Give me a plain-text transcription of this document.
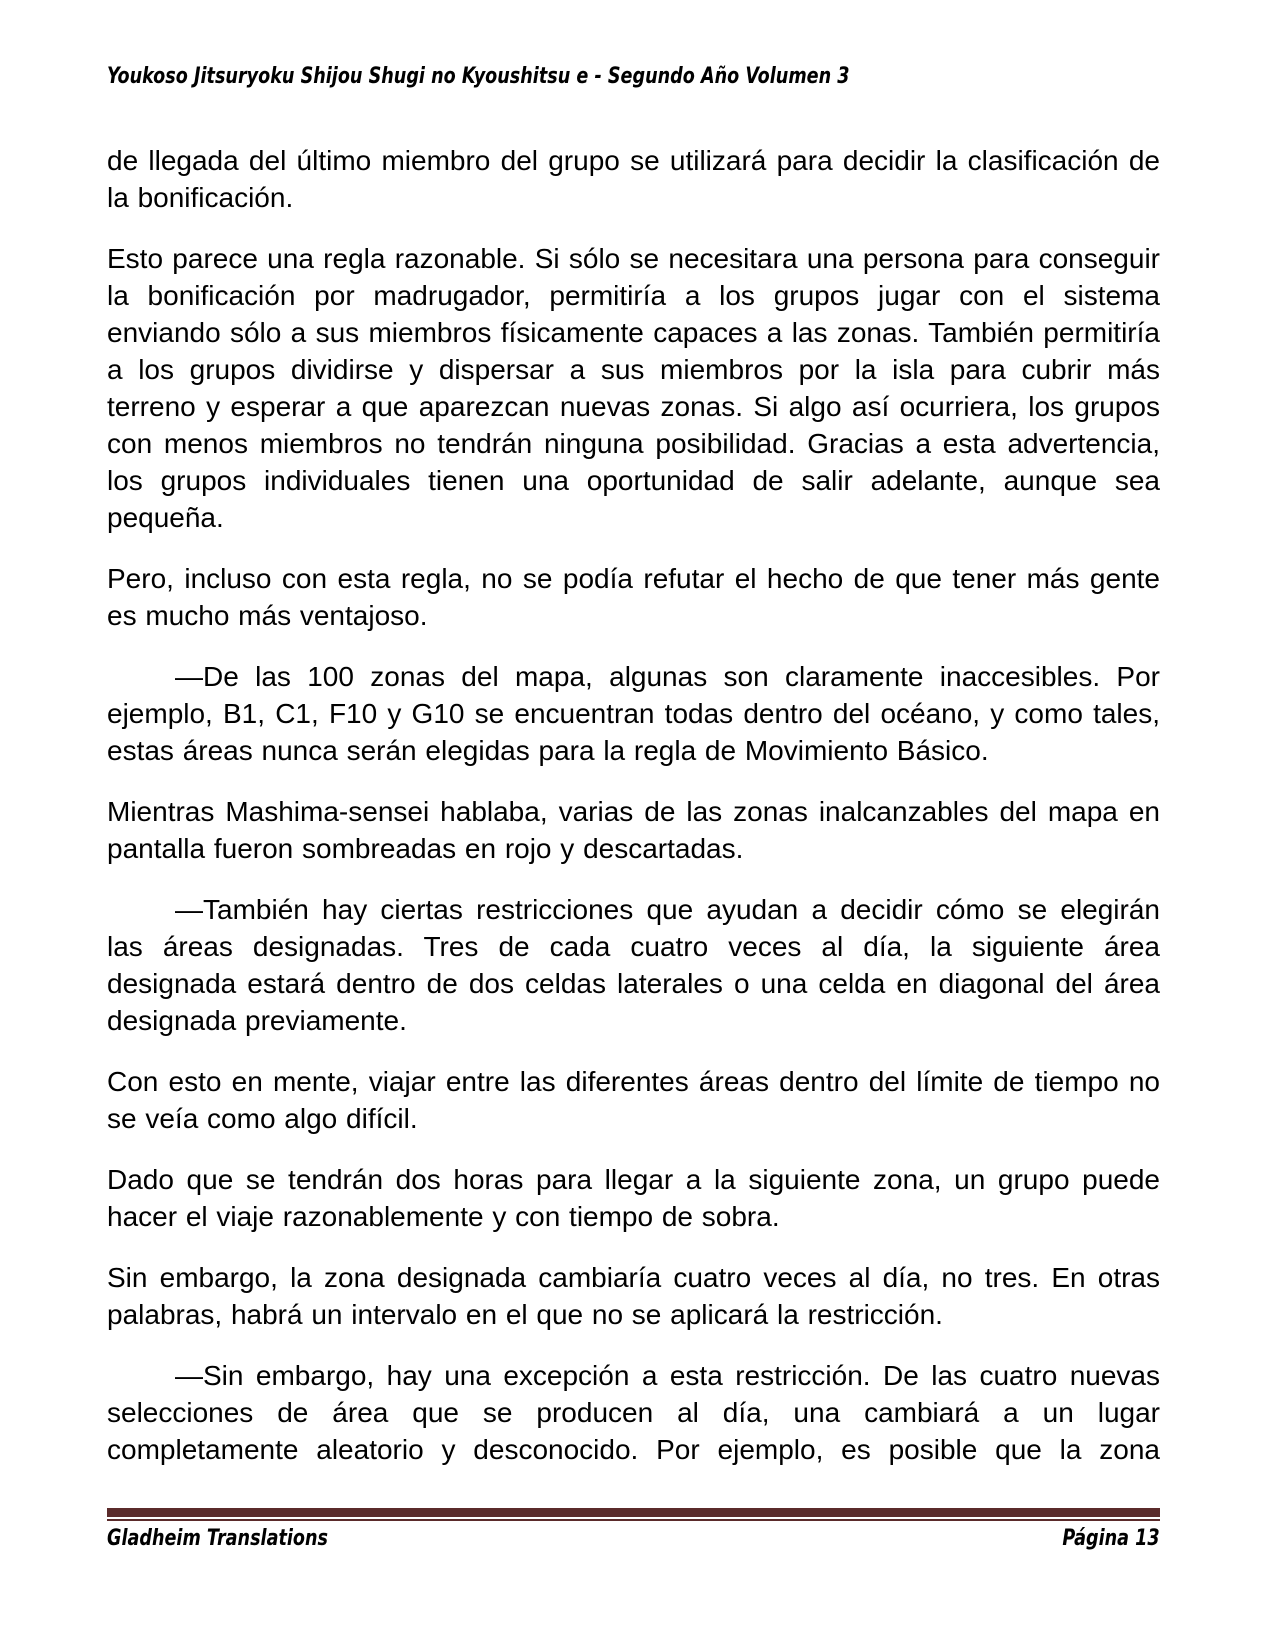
Youkoso Jitsuryoku Shijou Shugi no Kyoushitsu e - Segundo Año Volumen 3

de llegada del último miembro del grupo se utilizará para decidir la clasificación de la bonificación.

Esto parece una regla razonable. Si sólo se necesitara una persona para conseguir la bonificación por madrugador, permitiría a los grupos jugar con el sistema enviando sólo a sus miembros físicamente capaces a las zonas. También permitiría a los grupos dividirse y dispersar a sus miembros por la isla para cubrir más terreno y esperar a que aparezcan nuevas zonas. Si algo así ocurriera, los grupos con menos miembros no tendrán ninguna posibilidad. Gracias a esta advertencia, los grupos individuales tienen una oportunidad de salir adelante, aunque sea pequeña.

Pero, incluso con esta regla, no se podía refutar el hecho de que tener más gente es mucho más ventajoso.

—De las 100 zonas del mapa, algunas son claramente inaccesibles. Por ejemplo, B1, C1, F10 y G10 se encuentran todas dentro del océano, y como tales, estas áreas nunca serán elegidas para la regla de Movimiento Básico.

Mientras Mashima-sensei hablaba, varias de las zonas inalcanzables del mapa en pantalla fueron sombreadas en rojo y descartadas.

—También hay ciertas restricciones que ayudan a decidir cómo se elegirán las áreas designadas. Tres de cada cuatro veces al día, la siguiente área designada estará dentro de dos celdas laterales o una celda en diagonal del área designada previamente.

Con esto en mente, viajar entre las diferentes áreas dentro del límite de tiempo no se veía como algo difícil.

Dado que se tendrán dos horas para llegar a la siguiente zona, un grupo puede hacer el viaje razonablemente y con tiempo de sobra.

Sin embargo, la zona designada cambiaría cuatro veces al día, no tres. En otras palabras, habrá un intervalo en el que no se aplicará la restricción.

—Sin embargo, hay una excepción a esta restricción. De las cuatro nuevas selecciones de área que se producen al día, una cambiará a un lugar completamente aleatorio y desconocido. Por ejemplo, es posible que la zona

Gladheim Translations	Página 13
